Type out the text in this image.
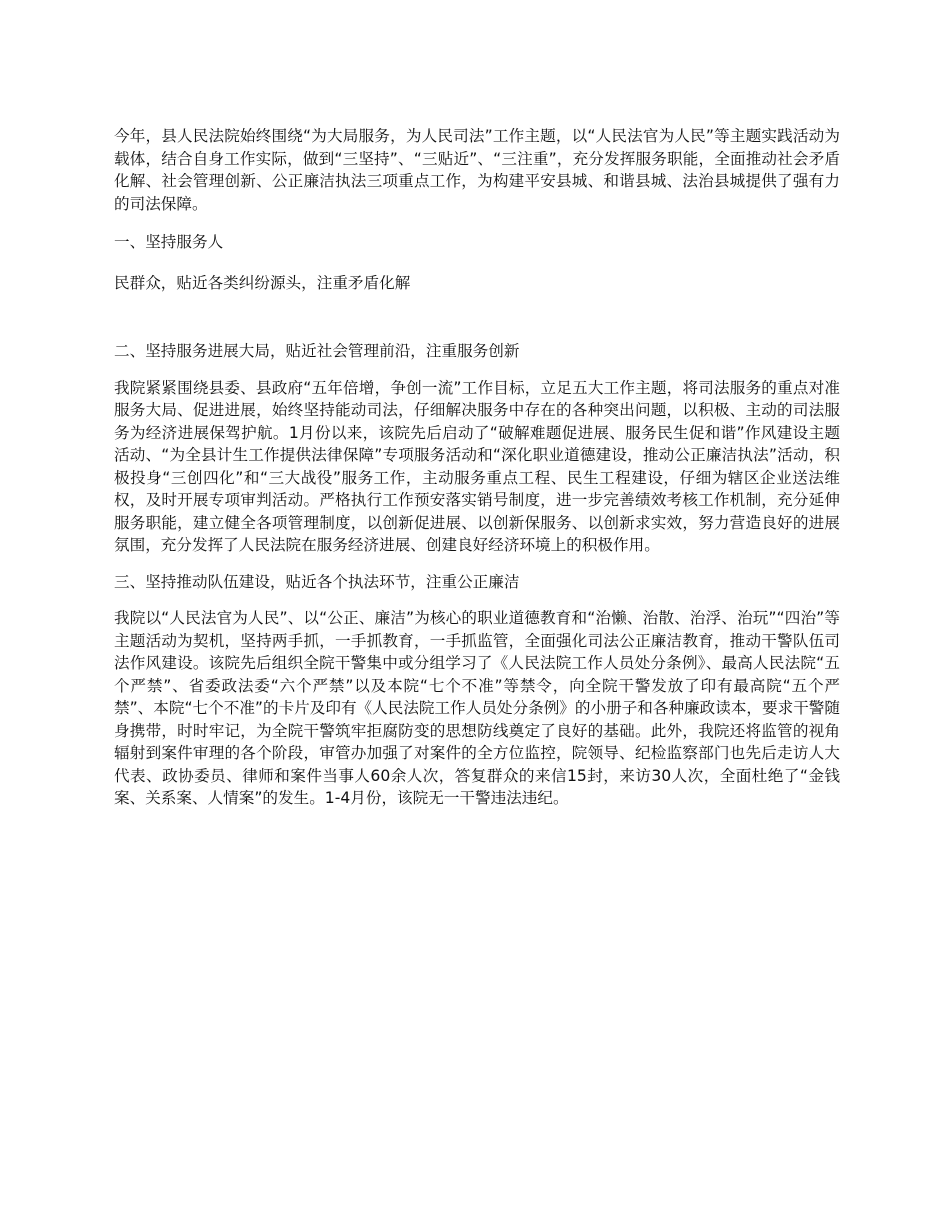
今年，县人民法院始终围绕“为大局服务，为人民司法”工作主题，以“人民法官为人民”等主题实践活动为载体，结合自身工作实际，做到“三坚持”、“三贴近”、“三注重”，充分发挥服务职能，全面推动社会矛盾化解、社会管理创新、公正廉洁执法三项重点工作，为构建平安县城、和谐县城、法治县城提供了强有力的司法保障。

一、坚持服务人

民群众，贴近各类纠纷源头，注重矛盾化解

二、坚持服务进展大局，贴近社会管理前沿，注重服务创新

我院紧紧围绕县委、县政府“五年倍增，争创一流”工作目标，立足五大工作主题，将司法服务的重点对准服务大局、促进进展，始终坚持能动司法，仔细解决服务中存在的各种突出问题，以积极、主动的司法服务为经济进展保驾护航。1月份以来，该院先后启动了“破解难题促进展、服务民生促和谐”作风建设主题活动、“为全县计生工作提供法律保障”专项服务活动和“深化职业道德建设，推动公正廉洁执法”活动，积极投身“三创四化”和“三大战役”服务工作，主动服务重点工程、民生工程建设，仔细为辖区企业送法维权，及时开展专项审判活动。严格执行工作预安落实销号制度，进一步完善绩效考核工作机制，充分延伸服务职能，建立健全各项管理制度，以创新促进展、以创新保服务、以创新求实效，努力营造良好的进展氛围，充分发挥了人民法院在服务经济进展、创建良好经济环境上的积极作用。

三、坚持推动队伍建设，贴近各个执法环节，注重公正廉洁

我院以“人民法官为人民”、以“公正、廉洁”为核心的职业道德教育和“治懒、治散、治浮、治玩”“四治”等主题活动为契机，坚持两手抓，一手抓教育，一手抓监管，全面强化司法公正廉洁教育，推动干警队伍司法作风建设。该院先后组织全院干警集中或分组学习了《人民法院工作人员处分条例》、最高人民法院“五个严禁”、省委政法委“六个严禁”以及本院“七个不准”等禁令，向全院干警发放了印有最高院“五个严禁”、本院“七个不准”的卡片及印有《人民法院工作人员处分条例》的小册子和各种廉政读本，要求干警随身携带，时时牢记，为全院干警筑牢拒腐防变的思想防线奠定了良好的基础。此外，我院还将监管的视角辐射到案件审理的各个阶段，审管办加强了对案件的全方位监控，院领导、纪检监察部门也先后走访人大代表、政协委员、律师和案件当事人60余人次，答复群众的来信15封，来访30人次，全面杜绝了“金钱案、关系案、人情案”的发生。1-4月份，该院无一干警违法违纪。
